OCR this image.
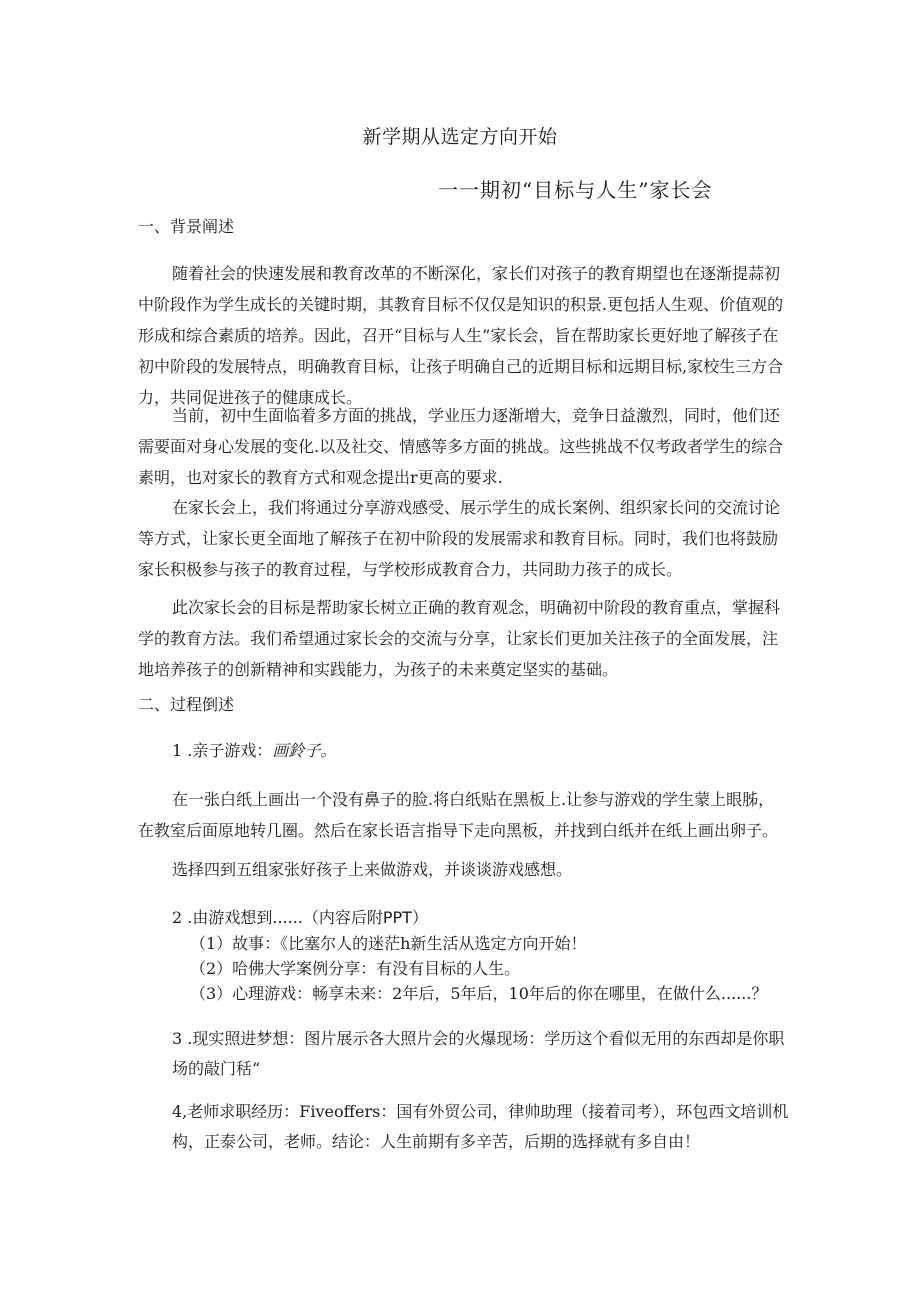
新学期从选定方向开始
一一期初“目标与人生”家长会
一、背景阐述

随着社会的快速发展和教育改革的不断深化，家长们对孩子的教育期望也在逐渐提蒜初中阶段作为学生成长的关键时期，其教育目标不仅仅是知识的积景.更包括人生观、价值观的形成和综合素质的培养。因此，召开“目标与人生”家长会，旨在帮助家长更好地了解孩子在初中阶段的发展特点，明确教育目标，让孩子明确自己的近期目标和远期目标,家校生三方合力，共同促进孩子的健康成长。

当前，初中生面临着多方面的挑战，学业压力逐渐增大，竞争日益激烈，同时，他们还需要面对身心发展的变化.以及社交、情感等多方面的挑战。这些挑战不仅考政者学生的综合素明，也对家长的教育方式和观念提出r更高的要求.

在家长会上，我们将通过分享游戏感受、展示学生的成长案例、组织家长问的交流讨论等方式，让家长更全面地了解孩子在初中阶段的发展需求和教育目标。同时，我们也将鼓励家长积极参与孩子的教育过程，与学校形成教育合力，共同助力孩子的成长。

此次家长会的目标是帮助家长树立正确的教育观念，明确初中阶段的教育重点，掌握科学的教育方法。我们希望通过家长会的交流与分享，让家长们更加关注孩子的全面发展，注地培养孩子的创新精神和实践能力，为孩子的未来奠定坚实的基础。

二、过程倒述
1 .亲子游戏：画鈴子。

在一张白纸上画出一个没有鼻子的脸.将白纸贴在黑板上.让参与游戏的学生蒙上眼胏，在教室后面原地转几圈。然后在家长语言指导下走向黑板，并找到白纸并在纸上画出卵子。

选择四到五组家张好孩子上来做游戏，并谈谈游戏感想。
2 .由游戏想到......（内容后附PPT）
（1）故事：《比塞尔人的迷茫h新生活从选定方向开始！
（2）哈佛大学案例分享：有没有目标的人生。
（3）心理游戏：畅享未来：2年后，5年后，10年后的你在哪里，在做什么......？

3 .现实照进梦想：图片展示各大照片会的火爆现场：学历这个看似无用的东西却是你职场的敲门秳“

4,老师求职经历：Fiveoffers：国有外贸公司，律帅助理（接着司考），环包西文培训机构，正泰公司，老师。结论：人生前期有多辛苦，后期的选择就有多自由！
